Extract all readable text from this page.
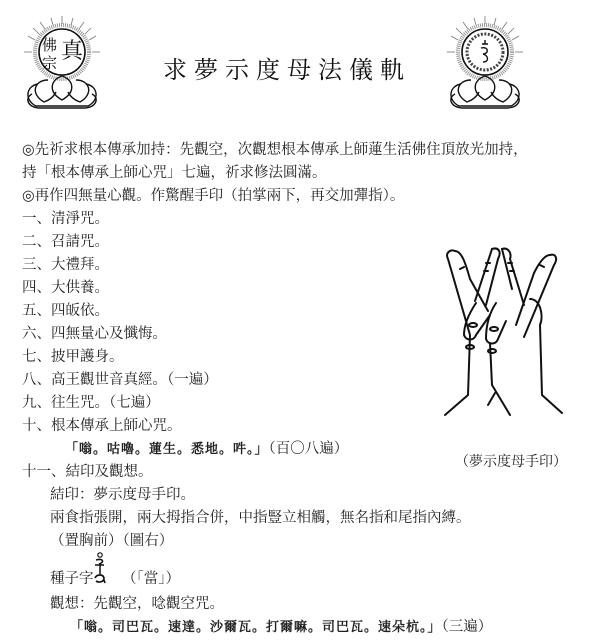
佛 真
宗	求夢示度母法儀軌
◎先祈求根本傳承加持：先觀空，次觀想根本傳承上師蓮生活佛住頂放光加持，
持「根本傳承上師心咒」七遍，祈求修法圓滿。
◎再作四無量心觀。作驚醒手印（拍掌兩下，再交加彈指）。
一、清淨咒。
二、召請咒。
三、大禮拜。
四、大供養。
五、四皈依。
六、四無量心及懺悔。
七、披甲護身。
八、高王觀世音真經。（一遍）
九、往生咒。（七遍）
十、根本傳承上師心咒。
「嗡。咕嚕。蓮生。悉地。吽。」（百〇八遍）
十一、結印及觀想。
結印：夢示度母手印。
兩食指張開，兩大拇指合併，中指豎立相觸，無名指和尾指內縛。
（置胸前）（圖右）
種子字： （「當」）
觀想：先觀空，唸觀空咒。
「嗡。司巴瓦。速達。沙爾瓦。打爾嘛。司巴瓦。速朵杭。」（三遍）
（夢示度母手印）
